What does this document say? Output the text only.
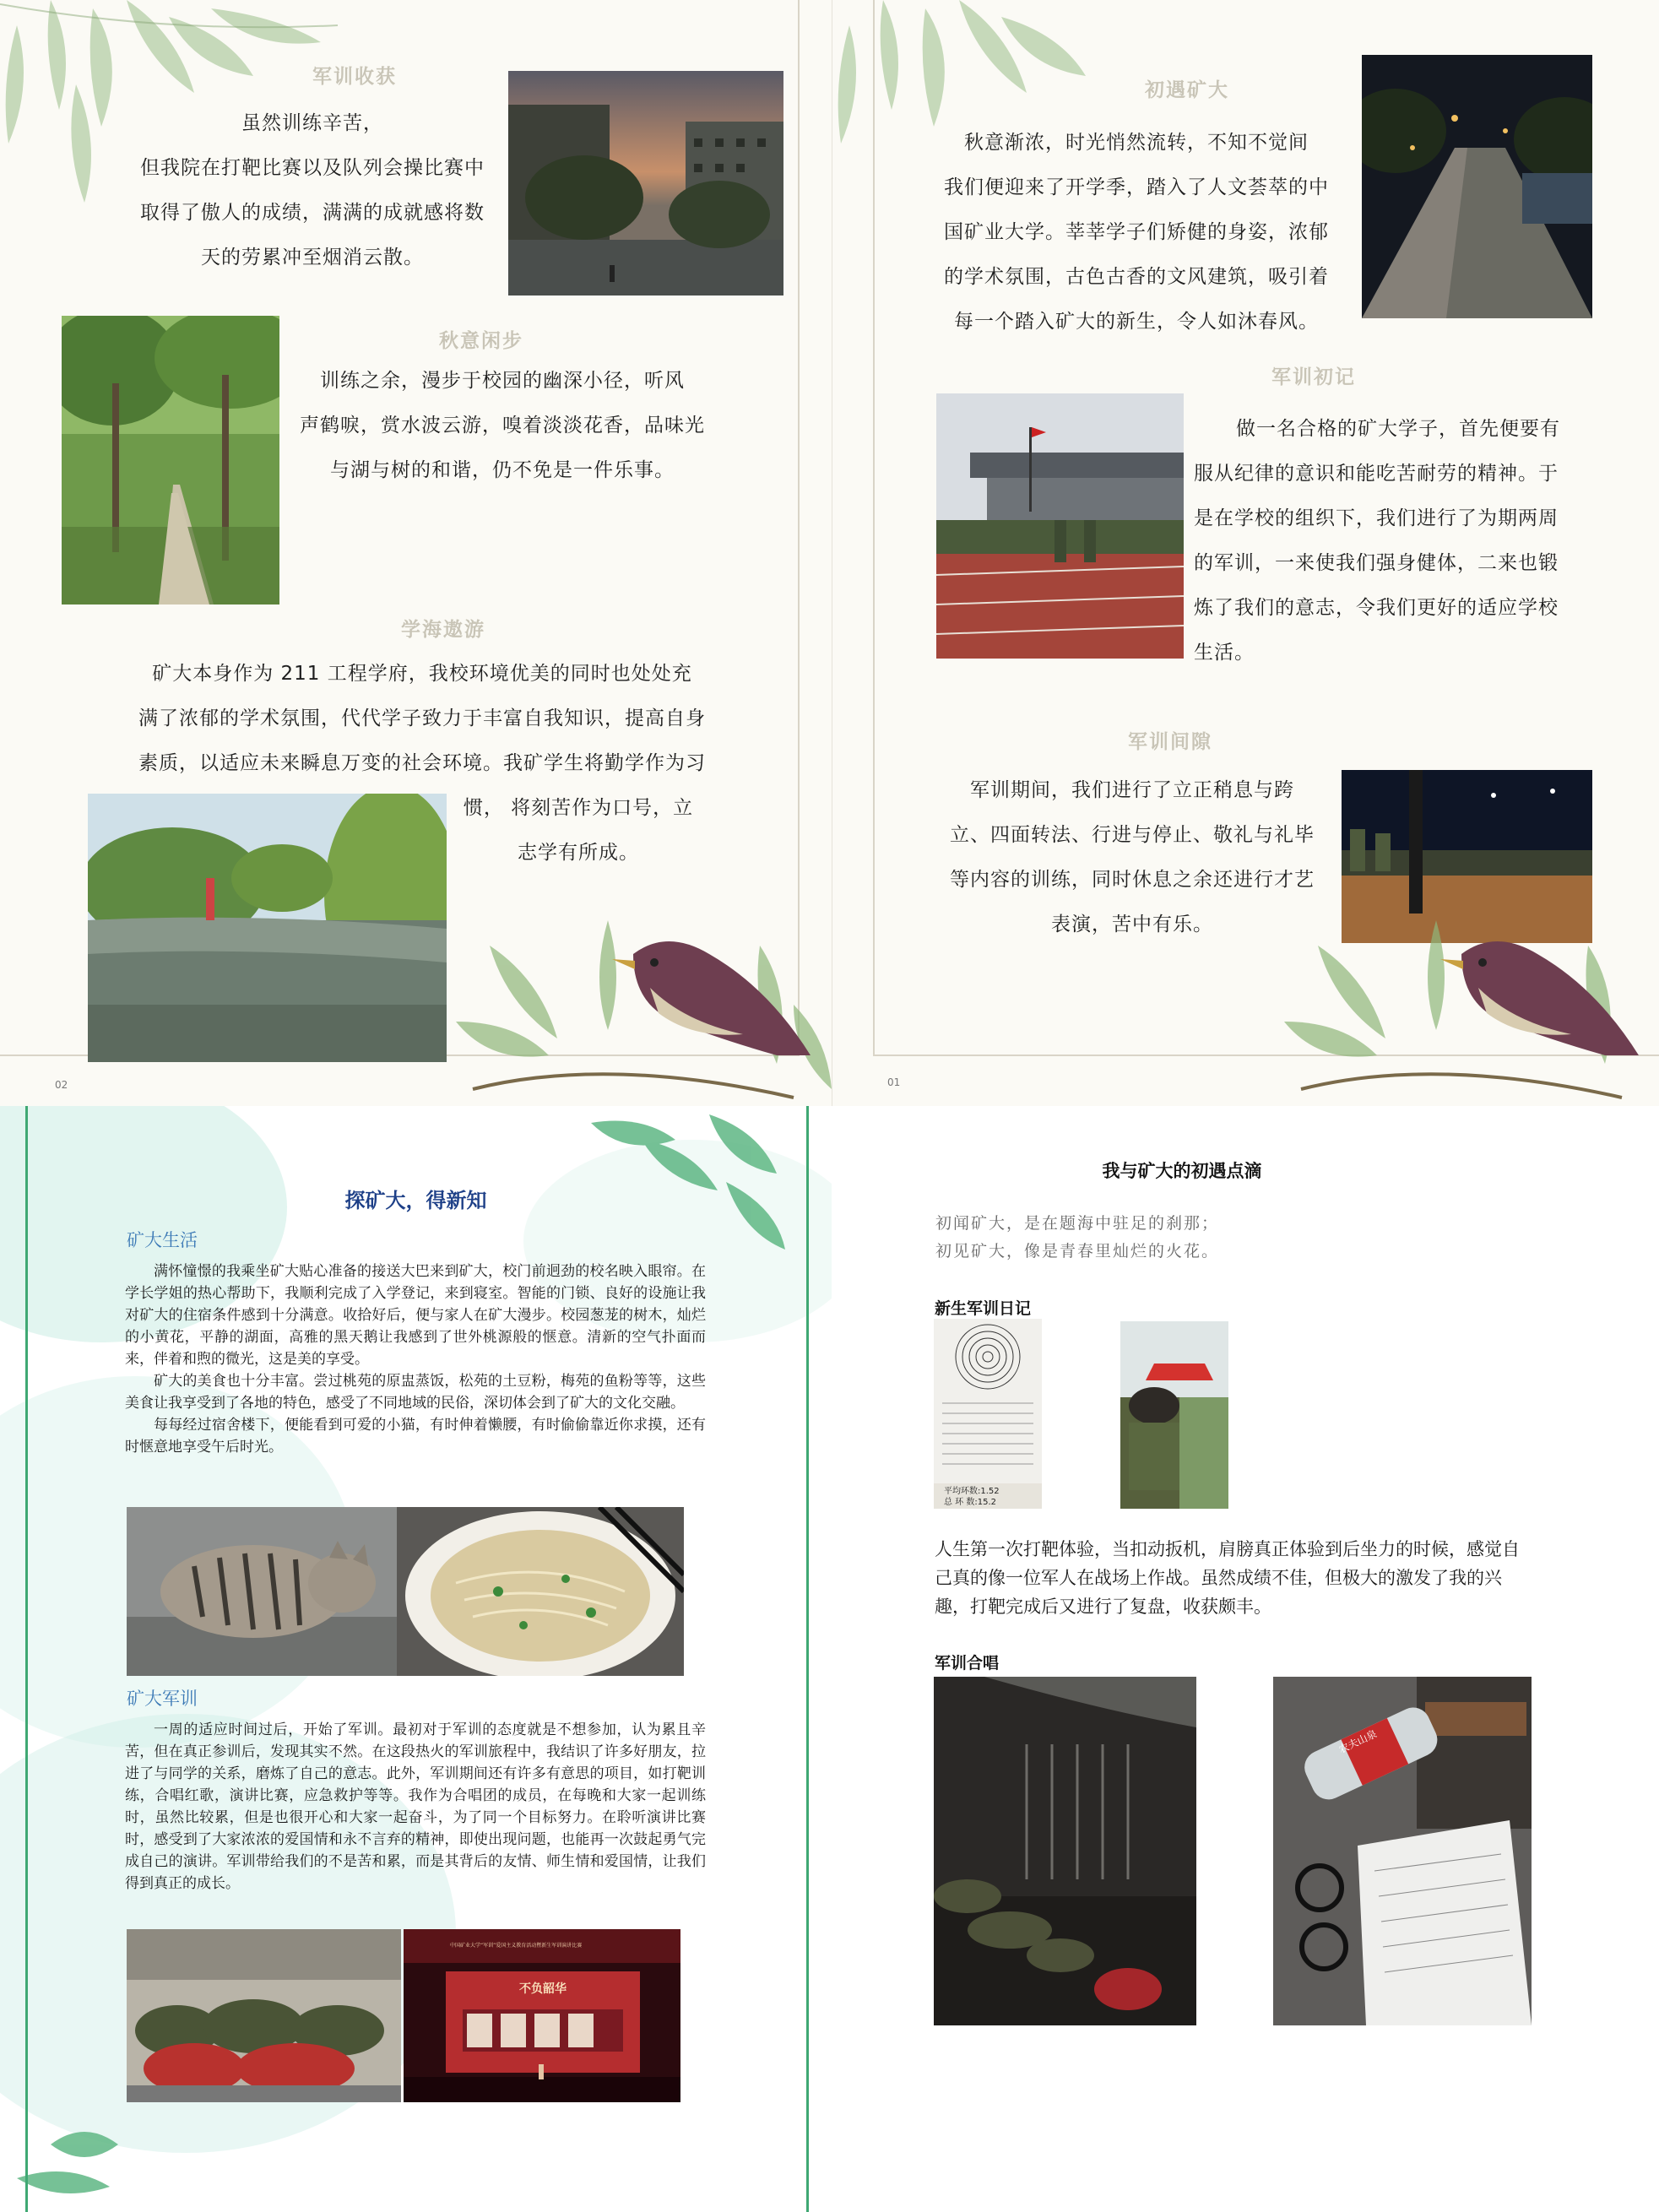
军训收获
虽然训练辛苦，
但我院在打靶比赛以及队列会操比赛中
取得了傲人的成绩，满满的成就感将数
天的劳累冲至烟消云散。
秋意闲步
训练之余，漫步于校园的幽深小径，听风
声鹤唳，赏水波云游，嗅着淡淡花香，品味光
与湖与树的和谐，仍不免是一件乐事。
学海遨游
矿大本身作为 211 工程学府，我校环境优美的同时也处处充
满了浓郁的学术氛围，代代学子致力于丰富自我知识，提高自身
素质，以适应未来瞬息万变的社会环境。我矿学生将勤学作为习
惯， 将刻苦作为口号，立
志学有所成。
02
初遇矿大
秋意渐浓，时光悄然流转，不知不觉间
我们便迎来了开学季，踏入了人文荟萃的中
国矿业大学。莘莘学子们矫健的身姿，浓郁
的学术氛围，古色古香的文风建筑，吸引着
每一个踏入矿大的新生，令人如沐春风。
军训初记
做一名合格的矿大学子，首先便要有
服从纪律的意识和能吃苦耐劳的精神。于
是在学校的组织下，我们进行了为期两周
的军训，一来使我们强身健体，二来也锻
炼了我们的意志，令我们更好的适应学校
生活。
军训间隙
军训期间，我们进行了立正稍息与跨
立、四面转法、行进与停止、敬礼与礼毕
等内容的训练，同时休息之余还进行才艺
表演，苦中有乐。
01
探矿大，得新知
矿大生活
满怀憧憬的我乘坐矿大贴心准备的接送大巴来到矿大，校门前迥劲的校名映入眼帘。在学长学姐的热心帮助下，我顺利完成了入学登记，来到寝室。智能的门锁、良好的设施让我对矿大的住宿条件感到十分满意。收拾好后，便与家人在矿大漫步。校园葱茏的树木，灿烂的小黄花，平静的湖面，高雅的黑天鹅让我感到了世外桃源般的惬意。清新的空气扑面而来，伴着和煦的微光，这是美的享受。
矿大的美食也十分丰富。尝过桃苑的原盅蒸饭，松苑的土豆粉，梅苑的鱼粉等等，这些美食让我享受到了各地的特色，感受了不同地域的民俗，深切体会到了矿大的文化交融。
每每经过宿舍楼下，便能看到可爱的小猫，有时伸着懒腰，有时偷偷靠近你求摸，还有时惬意地享受午后时光。
矿大军训
一周的适应时间过后，开始了军训。最初对于军训的态度就是不想参加，认为累且辛苦，但在真正参训后，发现其实不然。在这段热火的军训旅程中，我结识了许多好朋友，拉进了与同学的关系，磨炼了自己的意志。此外，军训期间还有许多有意思的项目，如打靶训练，合唱红歌，演讲比赛，应急救护等等。我作为合唱团的成员，在每晚和大家一起训练时，虽然比较累，但是也很开心和大家一起奋斗，为了同一个目标努力。在聆听演讲比赛时，感受到了大家浓浓的爱国情和永不言弃的精神，即使出现问题，也能再一次鼓起勇气完成自己的演讲。军训带给我们的不是苦和累，而是其背后的友情、师生情和爱国情，让我们得到真正的成长。
中国矿业大学“军训”爱国主义教育活动暨新生军训演讲比赛
不负韶华
我与矿大的初遇点滴
初闻矿大，是在题海中驻足的刹那；
初见矿大，像是青春里灿烂的火花。
新生军训日记
平均环数:1.52
总 环 数:15.2
人生第一次打靶体验，当扣动扳机，肩膀真正体验到后坐力的时候，感觉自己真的像一位军人在战场上作战。虽然成绩不佳，但极大的激发了我的兴趣，打靶完成后又进行了复盘，收获颇丰。
军训合唱
农夫山泉
